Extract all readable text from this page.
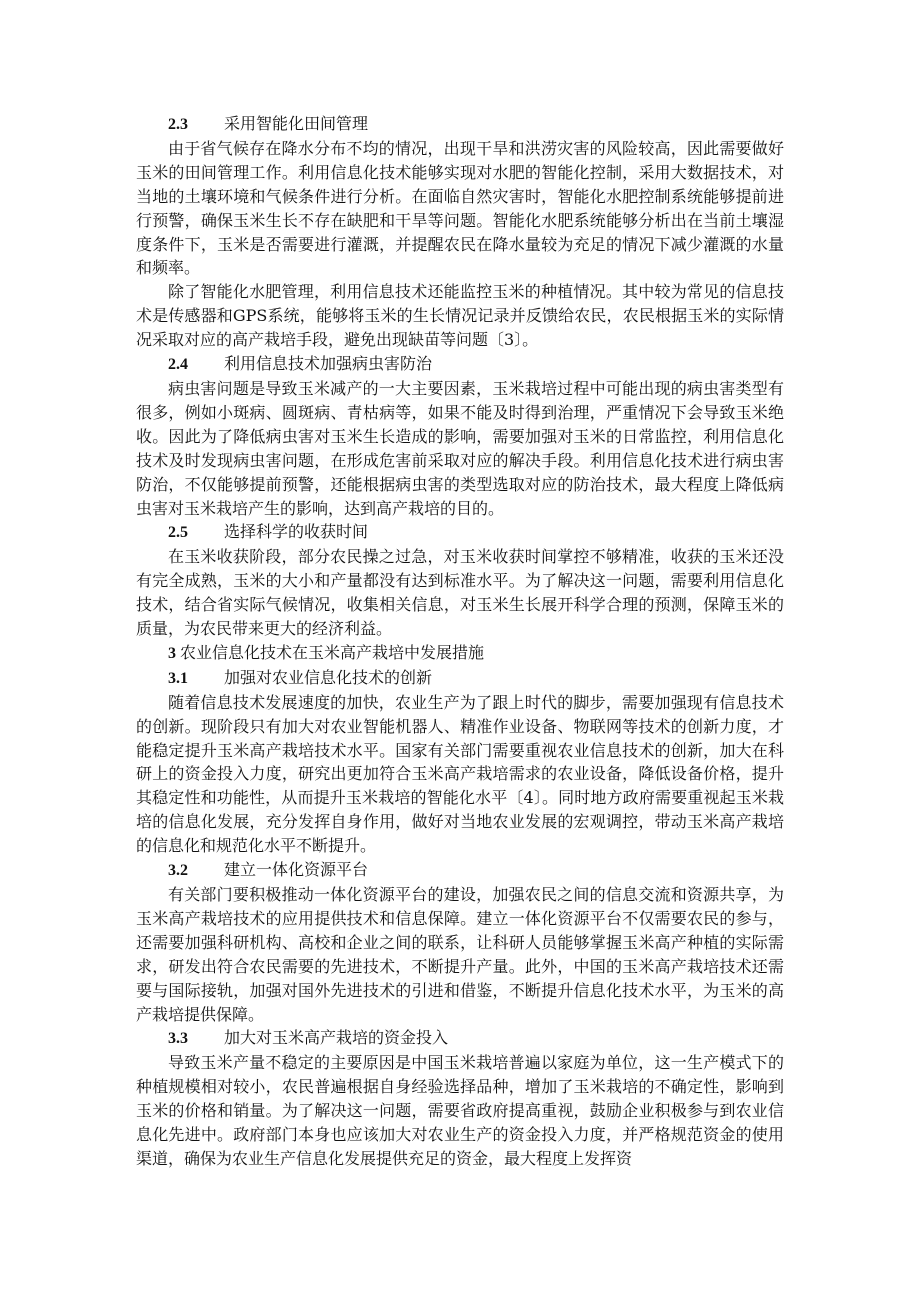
2.3 采用智能化田间管理

由于省气候存在降水分布不均的情况，出现干旱和洪涝灾害的风险较高，因此需要做好玉米的田间管理工作。利用信息化技术能够实现对水肥的智能化控制，采用大数据技术，对当地的土壤环境和气候条件进行分析。在面临自然灾害时，智能化水肥控制系统能够提前进行预警，确保玉米生长不存在缺肥和干旱等问题。智能化水肥系统能够分析出在当前土壤湿度条件下，玉米是否需要进行灌溉，并提醒农民在降水量较为充足的情况下减少灌溉的水量和频率。

除了智能化水肥管理，利用信息技术还能监控玉米的种植情况。其中较为常见的信息技术是传感器和GPS系统，能够将玉米的生长情况记录并反馈给农民，农民根据玉米的实际情况采取对应的高产栽培手段，避免出现缺苗等问题〔3〕。

2.4 利用信息技术加强病虫害防治

病虫害问题是导致玉米减产的一大主要因素，玉米栽培过程中可能出现的病虫害类型有很多，例如小斑病、圆斑病、青枯病等，如果不能及时得到治理，严重情况下会导致玉米绝收。因此为了降低病虫害对玉米生长造成的影响，需要加强对玉米的日常监控，利用信息化技术及时发现病虫害问题，在形成危害前采取对应的解决手段。利用信息化技术进行病虫害防治，不仅能够提前预警，还能根据病虫害的类型选取对应的防治技术，最大程度上降低病虫害对玉米栽培产生的影响，达到高产栽培的目的。

2.5 选择科学的收获时间

在玉米收获阶段，部分农民操之过急，对玉米收获时间掌控不够精准，收获的玉米还没有完全成熟，玉米的大小和产量都没有达到标准水平。为了解决这一问题，需要利用信息化技术，结合省实际气候情况，收集相关信息，对玉米生长展开科学合理的预测，保障玉米的质量，为农民带来更大的经济利益。

3 农业信息化技术在玉米高产栽培中发展措施

3.1 加强对农业信息化技术的创新

随着信息技术发展速度的加快，农业生产为了跟上时代的脚步，需要加强现有信息技术的创新。现阶段只有加大对农业智能机器人、精准作业设备、物联网等技术的创新力度，才能稳定提升玉米高产栽培技术水平。国家有关部门需要重视农业信息技术的创新，加大在科研上的资金投入力度，研究出更加符合玉米高产栽培需求的农业设备，降低设备价格，提升其稳定性和功能性，从而提升玉米栽培的智能化水平〔4〕。同时地方政府需要重视起玉米栽培的信息化发展，充分发挥自身作用，做好对当地农业发展的宏观调控，带动玉米高产栽培的信息化和规范化水平不断提升。

3.2 建立一体化资源平台

有关部门要积极推动一体化资源平台的建设，加强农民之间的信息交流和资源共享，为玉米高产栽培技术的应用提供技术和信息保障。建立一体化资源平台不仅需要农民的参与，还需要加强科研机构、高校和企业之间的联系，让科研人员能够掌握玉米高产种植的实际需求，研发出符合农民需要的先进技术，不断提升产量。此外，中国的玉米高产栽培技术还需要与国际接轨，加强对国外先进技术的引进和借鉴，不断提升信息化技术水平，为玉米的高产栽培提供保障。

3.3 加大对玉米高产栽培的资金投入

导致玉米产量不稳定的主要原因是中国玉米栽培普遍以家庭为单位，这一生产模式下的种植规模相对较小，农民普遍根据自身经验选择品种，增加了玉米栽培的不确定性，影响到玉米的价格和销量。为了解决这一问题，需要省政府提高重视，鼓励企业积极参与到农业信息化先进中。政府部门本身也应该加大对农业生产的资金投入力度，并严格规范资金的使用渠道，确保为农业生产信息化发展提供充足的资金，最大程度上发挥资
